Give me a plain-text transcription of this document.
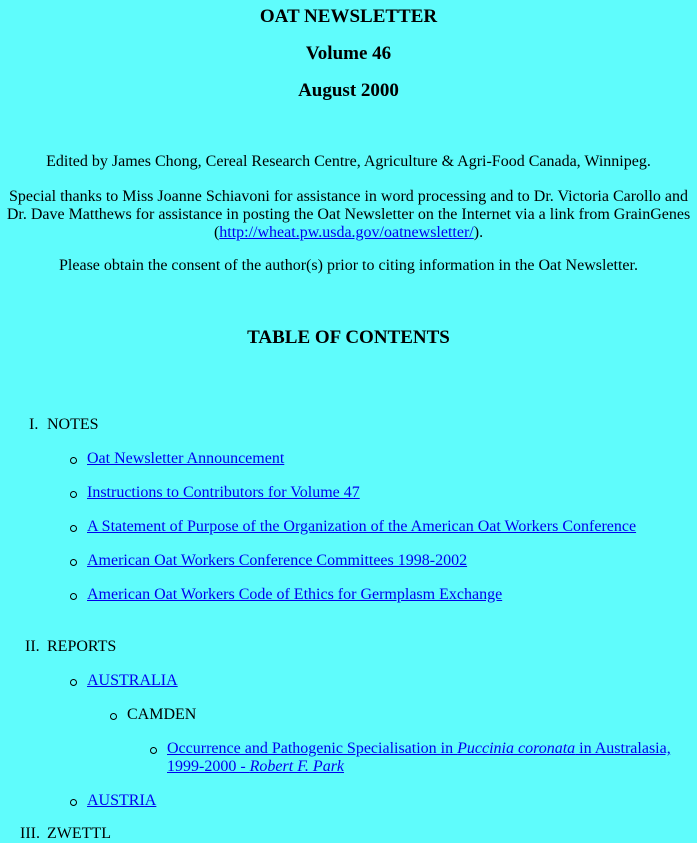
OAT NEWSLETTER
Volume 46
August 2000
Edited by James Chong, Cereal Research Centre, Agriculture & Agri-Food Canada, Winnipeg.
Special thanks to Miss Joanne Schiavoni for assistance in word processing and to Dr. Victoria Carollo and
Dr. Dave Matthews for assistance in posting the Oat Newsletter on the Internet via a link from GrainGenes
(http://wheat.pw.usda.gov/oatnewsletter/).
Please obtain the consent of the author(s) prior to citing information in the Oat Newsletter.
TABLE OF CONTENTS
I. NOTES
Oat Newsletter Announcement
Instructions to Contributors for Volume 47
A Statement of Purpose of the Organization of the American Oat Workers Conference
American Oat Workers Conference Committees 1998-2002
American Oat Workers Code of Ethics for Germplasm Exchange
II. REPORTS
AUSTRALIA
CAMDEN
Occurrence and Pathogenic Specialisation in Puccinia coronata in Australasia,
1999-2000 - Robert F. Park
AUSTRIA
III. ZWETTL
